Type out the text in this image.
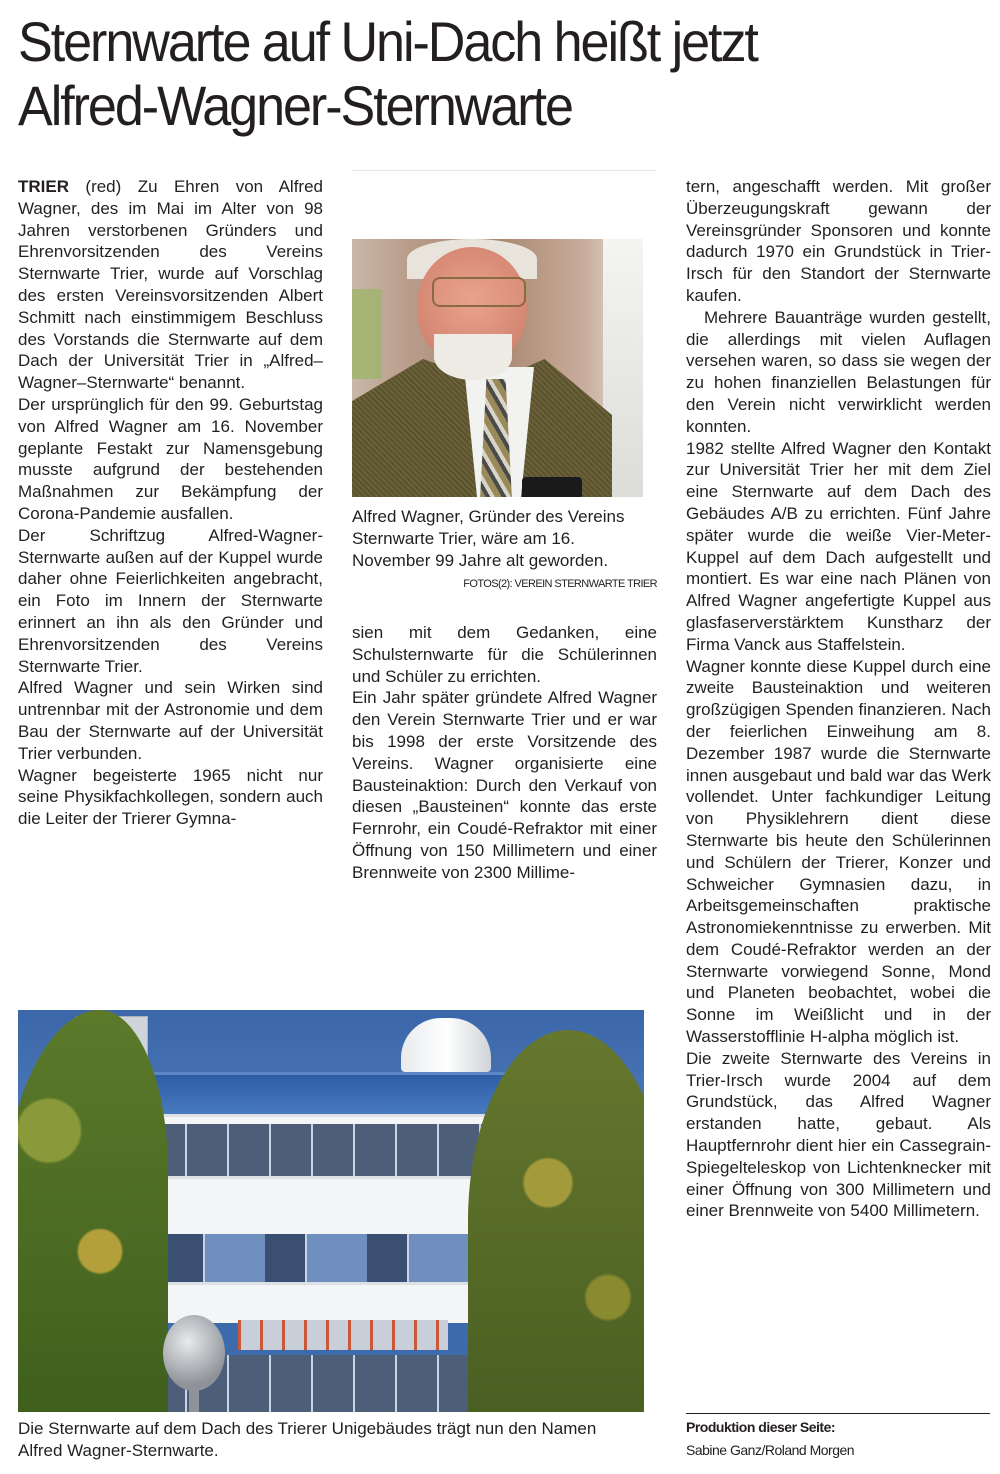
Sternwarte auf Uni-Dach heißt jetzt
Alfred-Wagner-Sternwarte

TRIER (red) Zu Ehren von Alfred Wagner, des im Mai im Alter von 98 Jahren verstorbenen Gründers und Ehrenvorsitzenden des Vereins Sternwarte Trier, wurde auf Vorschlag des ersten Vereinsvorsitzenden Albert Schmitt nach einstimmigem Beschluss des Vorstands die Sternwarte auf dem Dach der Universität Trier in „Alfred–Wagner–Sternwarte“ benannt.

Der ursprünglich für den 99. Geburtstag von Alfred Wagner am 16. November geplante Festakt zur Namensgebung musste aufgrund der bestehenden Maßnahmen zur Bekämpfung der Corona-Pandemie ausfallen.

Der Schriftzug Alfred-Wagner-Sternwarte außen auf der Kuppel wurde daher ohne Feierlichkeiten angebracht, ein Foto im Innern der Sternwarte erinnert an ihn als den Gründer und Ehrenvorsitzenden des Vereins Sternwarte Trier.

Alfred Wagner und sein Wirken sind untrennbar mit der Astronomie und dem Bau der Sternwarte auf der Universität Trier verbunden.

Wagner begeisterte 1965 nicht nur seine Physikfachkollegen, sondern auch die Leiter der Trierer Gymna-

Alfred Wagner, Gründer des Vereins Sternwarte Trier, wäre am 16. November 99 Jahre alt geworden.
FOTOS(2): VEREIN STERNWARTE TRIER

sien mit dem Gedanken, eine Schulsternwarte für die Schülerinnen und Schüler zu errichten.

Ein Jahr später gründete Alfred Wagner den Verein Sternwarte Trier und er war bis 1998 der erste Vorsitzende des Vereins. Wagner organisierte eine Bausteinaktion: Durch den Verkauf von diesen „Bausteinen“ konnte das erste Fernrohr, ein Coudé-Refraktor mit einer Öffnung von 150 Millimetern und einer Brennweite von 2300 Millime-

tern, angeschafft werden. Mit großer Überzeugungskraft gewann der Vereinsgründer Sponsoren und konnte dadurch 1970 ein Grundstück in Trier-Irsch für den Standort der Sternwarte kaufen.

Mehrere Bauanträge wurden gestellt, die allerdings mit vielen Auflagen versehen waren, so dass sie wegen der zu hohen finanziellen Belastungen für den Verein nicht verwirklicht werden konnten.

1982 stellte Alfred Wagner den Kontakt zur Universität Trier her mit dem Ziel eine Sternwarte auf dem Dach des Gebäudes A/B zu errichten. Fünf Jahre später wurde die weiße Vier-Meter-Kuppel auf dem Dach aufgestellt und montiert. Es war eine nach Plänen von Alfred Wagner angefertigte Kuppel aus glasfaserverstärktem Kunstharz der Firma Vanck aus Staffelstein.

Wagner konnte diese Kuppel durch eine zweite Bausteinaktion und weiteren großzügigen Spenden finanzieren. Nach der feierlichen Einweihung am 8. Dezember 1987 wurde die Sternwarte innen ausgebaut und bald war das Werk vollendet. Unter fachkundiger Leitung von Physiklehrern dient diese Sternwarte bis heute den Schülerinnen und Schülern der Trierer, Konzer und Schweicher Gymnasien dazu, in Arbeitsgemeinschaften praktische Astronomiekenntnisse zu erwerben. Mit dem Coudé-Refraktor werden an der Sternwarte vorwiegend Sonne, Mond und Planeten beobachtet, wobei die Sonne im Weißlicht und in der Wasserstofflinie H-alpha möglich ist.

Die zweite Sternwarte des Vereins in Trier-Irsch wurde 2004 auf dem Grundstück, das Alfred Wagner erstanden hatte, gebaut. Als Hauptfernrohr dient hier ein Cassegrain-Spiegelteleskop von Lichtenknecker mit einer Öffnung von 300 Millimetern und einer Brennweite von 5400 Millimetern.

Die Sternwarte auf dem Dach des Trierer Unigebäudes trägt nun den Namen
Alfred Wagner-Sternwarte.
Produktion dieser Seite:
Sabine Ganz/Roland Morgen
